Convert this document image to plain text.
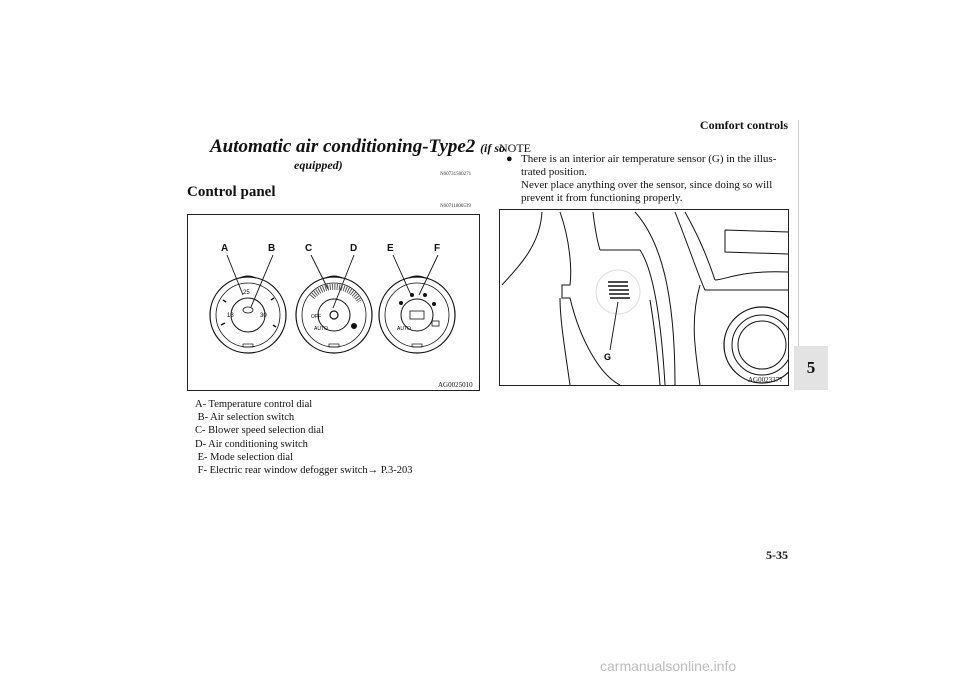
Comfort controls
5
Automatic air conditioning-Type2 (if so
equipped)
N00731500271
Control panel
N00711800539
A	B	C	D	E	F
18
25
30	OFF
AUTO	AUTO
AG0025010
A- Temperature control dial
B- Air selection switch
C- Blower speed selection dial
D- Air conditioning switch
E- Mode selection dial
F- Electric rear window defogger switch→ P.3-203
NOTE
● There is an interior air temperature sensor (G) in the illus-

trated position.

Never place anything over the sensor, since doing so will

prevent it from functioning properly.

G
AG0023377
5-35
carmanualsonline.info
